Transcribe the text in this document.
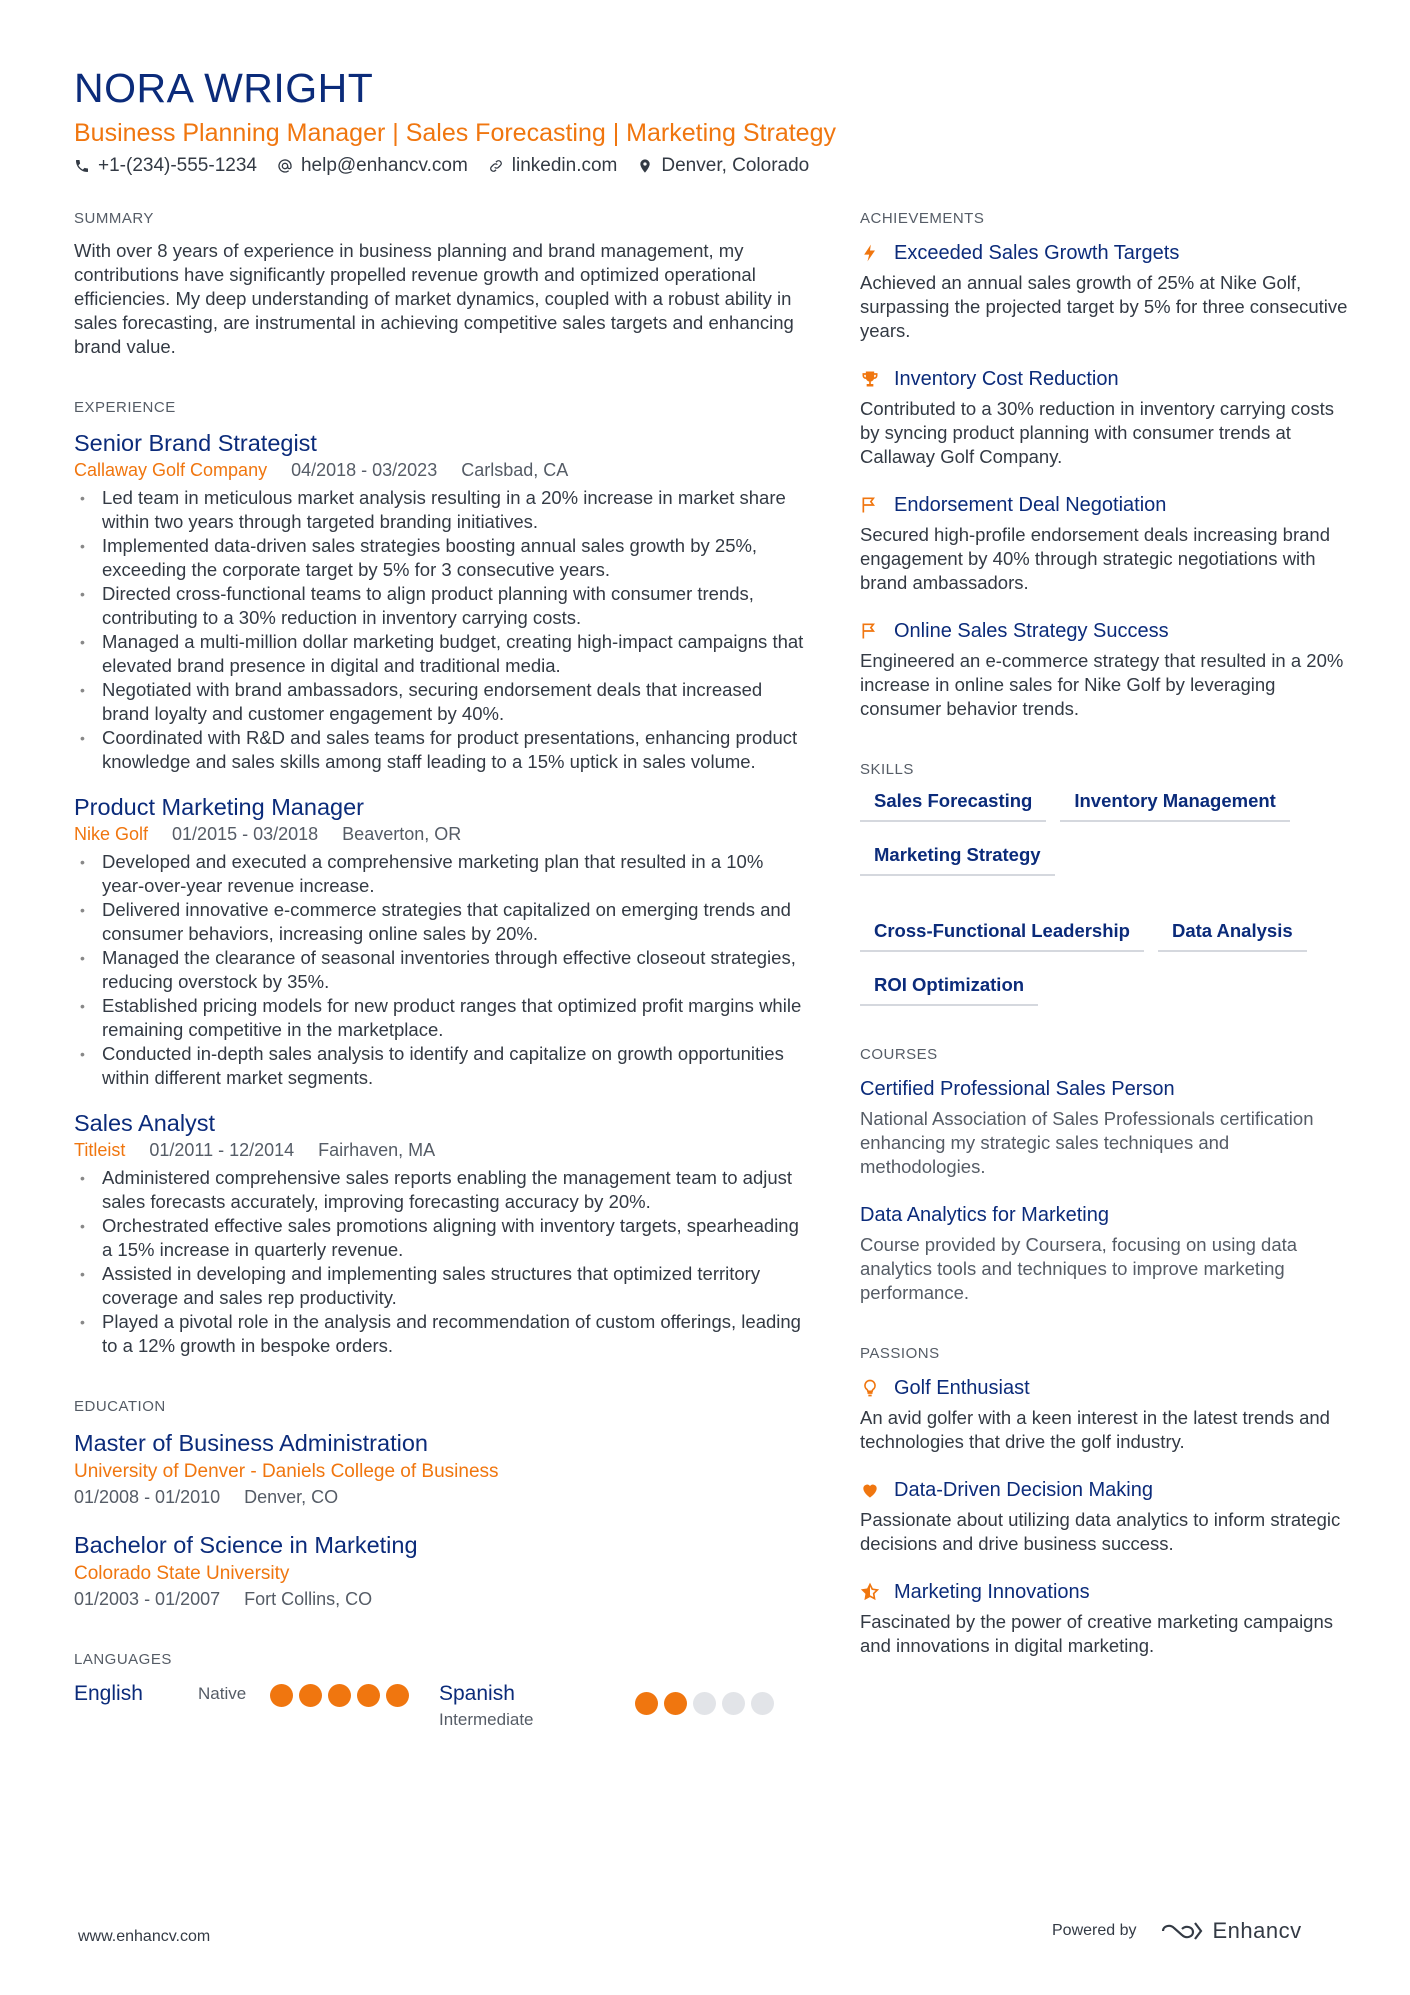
NORA WRIGHT
Business Planning Manager | Sales Forecasting | Marketing Strategy
+1-(234)-555-1234 help@enhancv.com linkedin.com Denver, Colorado
SUMMARY

With over 8 years of experience in business planning and brand management, my contributions have significantly propelled revenue growth and optimized operational efficiencies. My deep understanding of market dynamics, coupled with a robust ability in sales forecasting, are instrumental in achieving competitive sales targets and enhancing brand value.

EXPERIENCE
Senior Brand Strategist
Callaway Golf Company 04/2018 - 03/2023 Carlsbad, CA
• Led team in meticulous market analysis resulting in a 20% increase in market share within two years through targeted branding initiatives.
• Implemented data-driven sales strategies boosting annual sales growth by 25%, exceeding the corporate target by 5% for 3 consecutive years.
• Directed cross-functional teams to align product planning with consumer trends, contributing to a 30% reduction in inventory carrying costs.
• Managed a multi-million dollar marketing budget, creating high-impact campaigns that elevated brand presence in digital and traditional media.
• Negotiated with brand ambassadors, securing endorsement deals that increased brand loyalty and customer engagement by 40%.
• Coordinated with R&D and sales teams for product presentations, enhancing product knowledge and sales skills among staff leading to a 15% uptick in sales volume.
Product Marketing Manager
Nike Golf 01/2015 - 03/2018 Beaverton, OR
• Developed and executed a comprehensive marketing plan that resulted in a 10% year-over-year revenue increase.
• Delivered innovative e-commerce strategies that capitalized on emerging trends and consumer behaviors, increasing online sales by 20%.
• Managed the clearance of seasonal inventories through effective closeout strategies, reducing overstock by 35%.
• Established pricing models for new product ranges that optimized profit margins while remaining competitive in the marketplace.
• Conducted in-depth sales analysis to identify and capitalize on growth opportunities within different market segments.
Sales Analyst
Titleist 01/2011 - 12/2014 Fairhaven, MA
• Administered comprehensive sales reports enabling the management team to adjust sales forecasts accurately, improving forecasting accuracy by 20%.
• Orchestrated effective sales promotions aligning with inventory targets, spearheading a 15% increase in quarterly revenue.
• Assisted in developing and implementing sales structures that optimized territory coverage and sales rep productivity.
• Played a pivotal role in the analysis and recommendation of custom offerings, leading to a 12% growth in bespoke orders.
EDUCATION
Master of Business Administration
University of Denver - Daniels College of Business
01/2008 - 01/2010 Denver, CO
Bachelor of Science in Marketing
Colorado State University
01/2003 - 01/2007 Fort Collins, CO
LANGUAGES
English	Native	Spanish
Intermediate
ACHIEVEMENTS
Exceeded Sales Growth Targets
Achieved an annual sales growth of 25% at Nike Golf, surpassing the projected target by 5% for three consecutive years.
Inventory Cost Reduction
Contributed to a 30% reduction in inventory carrying costs by syncing product planning with consumer trends at Callaway Golf Company.
Endorsement Deal Negotiation
Secured high-profile endorsement deals increasing brand engagement by 40% through strategic negotiations with brand ambassadors.
Online Sales Strategy Success
Engineered an e-commerce strategy that resulted in a 20% increase in online sales for Nike Golf by leveraging consumer behavior trends.
SKILLS
Sales Forecasting	Inventory Management
Marketing Strategy
Cross-Functional Leadership	Data Analysis
ROI Optimization
COURSES
Certified Professional Sales Person
National Association of Sales Professionals certification enhancing my strategic sales techniques and methodologies.
Data Analytics for Marketing
Course provided by Coursera, focusing on using data analytics tools and techniques to improve marketing performance.
PASSIONS
Golf Enthusiast
An avid golfer with a keen interest in the latest trends and technologies that drive the golf industry.
Data-Driven Decision Making
Passionate about utilizing data analytics to inform strategic decisions and drive business success.
Marketing Innovations
Fascinated by the power of creative marketing campaigns and innovations in digital marketing.
www.enhancv.com	Powered by	Enhancv
